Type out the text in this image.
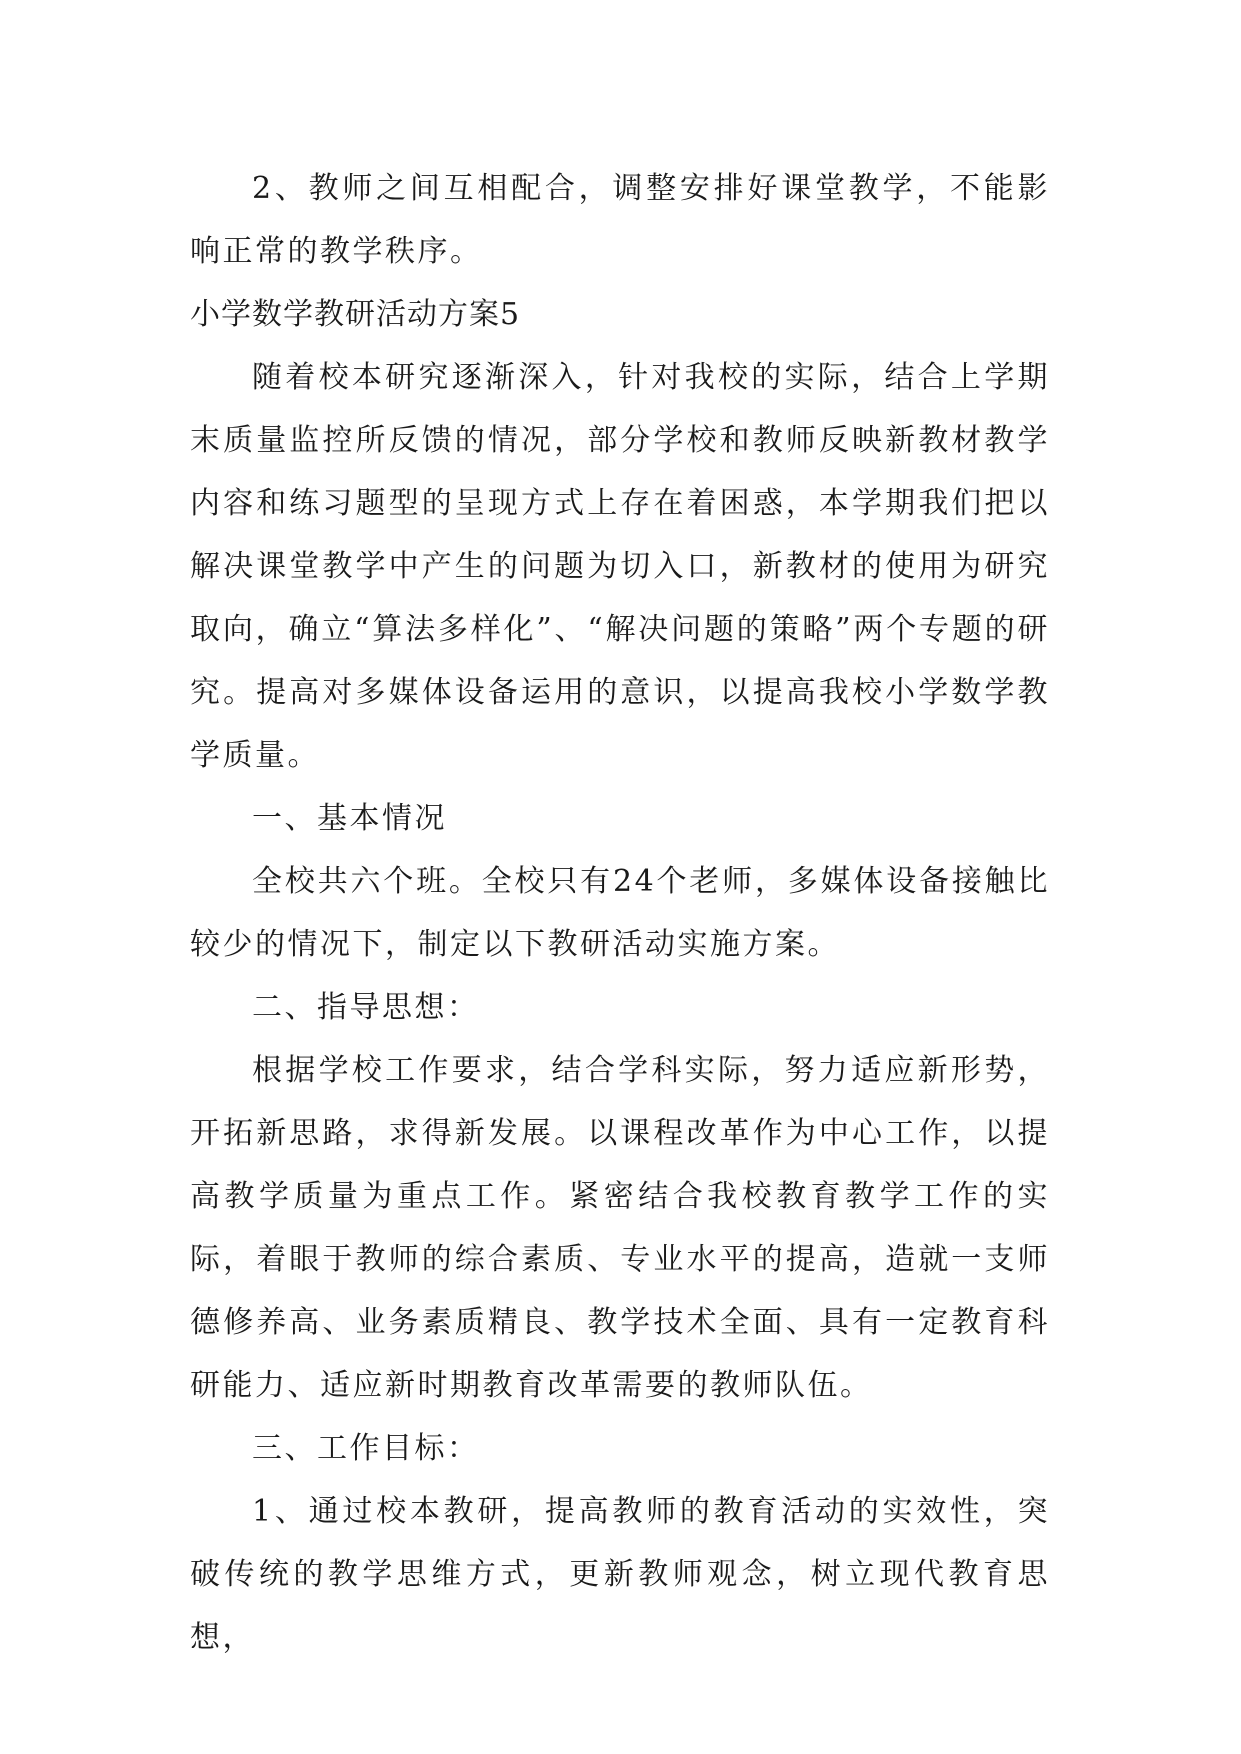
2、教师之间互相配合，调整安排好课堂教学，不能影响正常的教学秩序。

小学数学教研活动方案5

随着校本研究逐渐深入，针对我校的实际，结合上学期末质量监控所反馈的情况，部分学校和教师反映新教材教学内容和练习题型的呈现方式上存在着困惑，本学期我们把以解决课堂教学中产生的问题为切入口，新教材的使用为研究取向，确立“算法多样化”、“解决问题的策略”两个专题的研究。提高对多媒体设备运用的意识，以提高我校小学数学教学质量。

一、基本情况

全校共六个班。全校只有24个老师，多媒体设备接触比较少的情况下，制定以下教研活动实施方案。

二、指导思想：

根据学校工作要求，结合学科实际，努力适应新形势，开拓新思路，求得新发展。以课程改革作为中心工作，以提高教学质量为重点工作。紧密结合我校教育教学工作的实际，着眼于教师的综合素质、专业水平的提高，造就一支师德修养高、业务素质精良、教学技术全面、具有一定教育科研能力、适应新时期教育改革需要的教师队伍。

三、工作目标：

1、通过校本教研，提高教师的教育活动的实效性，突破传统的教学思维方式，更新教师观念，树立现代教育思想，
